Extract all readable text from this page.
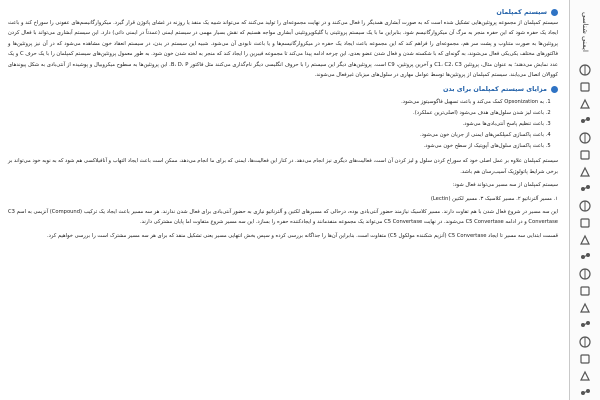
ایمنی شناسی
سیستم کمپلمان

سیستم کمپلمان از مجموعه پروتئین‌هایی تشکیل شده است که به صورت آبشاری همدیگر را فعال می‌کنند و در نهایت مجموعه‌ای را تولید می‌کنند که می‌تواند شبیه یک منفذ یا روزنه در غشای پاتوژن قرار گیرد. میکروارگانیسم‌های عفونی را سوراخ کند و باعث ایجاد یک حفره شود که این حفره منجر به مرگ آن میکروارگانیسم شود. بنابراین ما با یک سیستم پروتئینی یا گلیکوپروتئینی آبشاری مواجه هستیم که نقش بسیار مهمی در سیستم ایمنی (عمدتاً در ایمنی ذاتی) دارد. این سیستم آبشاری می‌تواند با فعال کردن پروتئین‌ها به صورت متناوب و پشت سر هم، مجموعه‌ای را فراهم کند که این مجموعه باعث ایجاد یک حفره در میکروارگانیسم‌ها و یا باعث نابودی آن می‌شود. شبیه این سیستم در بدن، در سیستم انعقاد خون مشاهده می‌شود که در آن نیز پروتئین‌ها و فاکتورهای مختلف یکی‌یکی فعال می‌شوند، به گونه‌ای که با شکسته شدن و فعال شدن عضو بعدی، این چرخه ادامه پیدا می‌کند تا مجموعه فیبرین را ایجاد کند که منجر به لخته شدن خون شود. به طور معمول پروتئین‌های سیستم کمپلمان را با یک حرف C و یک عدد نمایش می‌دهند؛ به عنوان مثال، پروتئین C1، C2، C3 و آخرین پروتئین، C9 است. پروتئین‌های دیگر این سیستم را با حروف انگلیسی دیگر نام‌گذاری می‌کنند مثل فاکتور B، D، P. این پروتئین‌ها به سطوح میکروبیال و پوشیده از آنتی‌بادی به شکل پیوندهای کووالان اتصال می‌یابند. سیستم کمپلمان از پروتئین‌ها توسط عوامل مهاری در سلول‌های میزبان غیرفعال می‌شوند.

مزایای سیستم کمپلمان برای بدن
1. به Opsonization کمک می‌کند و باعث تسهیل فاگوسیتوز می‌شود.
2. باعث لیز شدن سلول‌های هدف می‌شود (اصلی‌ترین عملکرد).
3. باعث تنظیم پاسخ آنتی‌بادی‌ها می‌شود.
4. باعث پاکسازی کمپلکس‌های ایمنی از جریان خون می‌شود.
5. باعث پاکسازی سلول‌های آپوپتیک از سطح خون می‌شود.

سیستم کمپلمان علاوه بر عمل اصلی خود که سوراخ کردن سلول و لیز کردن آن است، فعالیت‌های دیگری نیز انجام می‌دهد. در کنار این فعالیت‌ها، ایمنی که برای ما انجام می‌دهد، ممکن است باعث ایجاد التهاب و آنافیلاکسی هم شود که به نوبه خود می‌تواند بر برخی شرایط پاتولوژیک آسیب‌رسان هم باشد.

سیستم کمپلمان از سه مسیر می‌تواند فعال شود:

۱. مسیر آلترناتیو ۲. مسیر کلاسیک ۳. مسیر لکتین (Lectin)

این سه مسیر در شروع فعال شدن با هم تفاوت دارند. مسیر کلاسیک نیازمند حضور آنتی‌بادی بوده، درحالی که مسیرهای لکتین و آلترناتیو نیازی به حضور آنتی‌بادی برای فعال شدن ندارند. هر سه مسیر باعث ایجاد یک ترکیب (Compound) آنزیمی به اسم C3 Convertase و در ادامه C5 Convertase می‌شوند. در نهایت C5 Convertase می‌تواند یک مجموعه منفذمانند و ایجادکننده حفره را بسازد. این سه مسیر شروع متفاوت اما پایان مشترکی دارند.

قسمت ابتدایی سه مسیر تا ایجاد C5 Convertase (آنزیم شکننده مولکول C5) متفاوت است. بنابراین آن‌ها را جداگانه بررسی کرده و سپس بخش انتهایی مسیر یعنی تشکیل منفذ که برای هر سه مسیر مشترک است را بررسی خواهیم کرد.
